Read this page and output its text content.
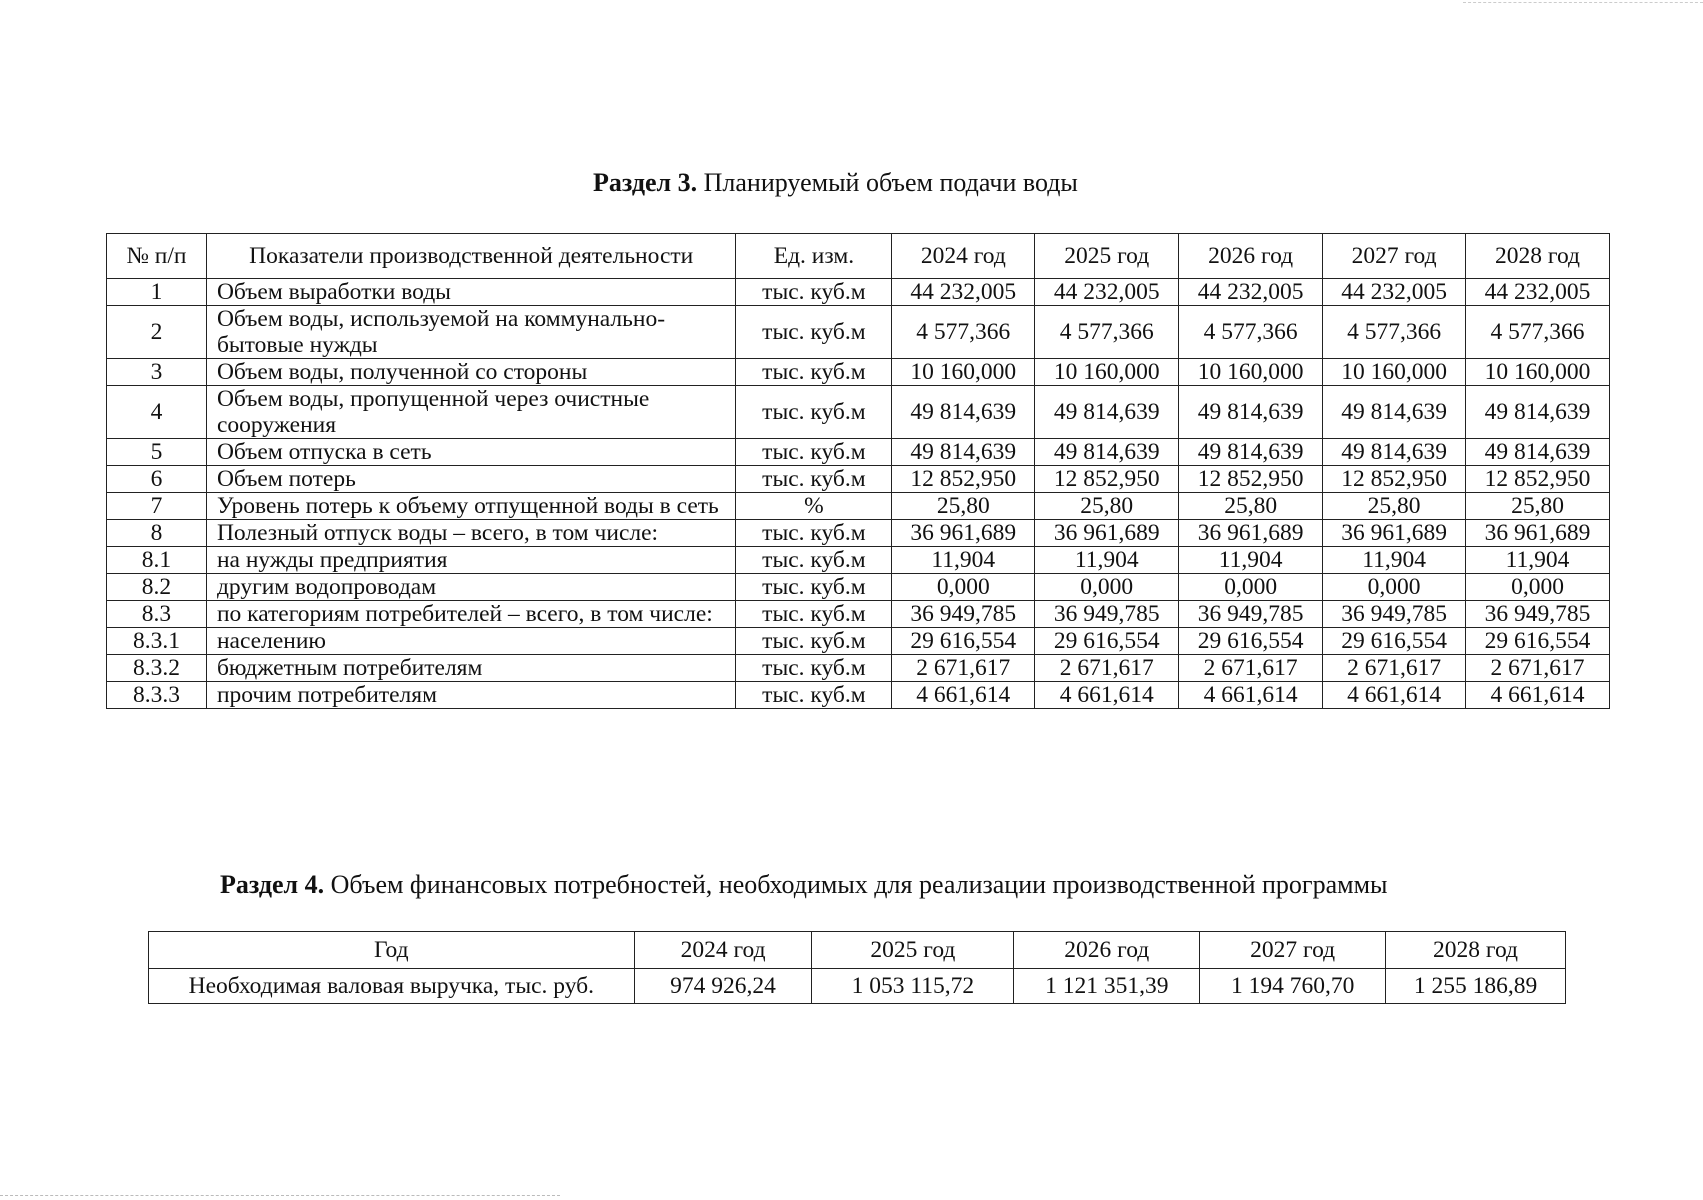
Раздел 3. Планируемый объем подачи воды
№ п/п	Показатели производственной деятельности	Ед. изм.	2024 год	2025 год	2026 год	2027 год	2028 год
1	Объем выработки воды	тыс. куб.м	44 232,005	44 232,005	44 232,005	44 232,005	44 232,005
2	Объем воды, используемой на коммунально-бытовые нужды	тыс. куб.м	4 577,366	4 577,366	4 577,366	4 577,366	4 577,366
3	Объем воды, полученной со стороны	тыс. куб.м	10 160,000	10 160,000	10 160,000	10 160,000	10 160,000
4	Объем воды, пропущенной через очистные сооружения	тыс. куб.м	49 814,639	49 814,639	49 814,639	49 814,639	49 814,639
5	Объем отпуска в сеть	тыс. куб.м	49 814,639	49 814,639	49 814,639	49 814,639	49 814,639
6	Объем потерь	тыс. куб.м	12 852,950	12 852,950	12 852,950	12 852,950	12 852,950
7	Уровень потерь к объему отпущенной воды в сеть	%	25,80	25,80	25,80	25,80	25,80
8	Полезный отпуск воды – всего, в том числе:	тыс. куб.м	36 961,689	36 961,689	36 961,689	36 961,689	36 961,689
8.1	на нужды предприятия	тыс. куб.м	11,904	11,904	11,904	11,904	11,904
8.2	другим водопроводам	тыс. куб.м	0,000	0,000	0,000	0,000	0,000
8.3	по категориям потребителей – всего, в том числе:	тыс. куб.м	36 949,785	36 949,785	36 949,785	36 949,785	36 949,785
8.3.1	населению	тыс. куб.м	29 616,554	29 616,554	29 616,554	29 616,554	29 616,554
8.3.2	бюджетным потребителям	тыс. куб.м	2 671,617	2 671,617	2 671,617	2 671,617	2 671,617
8.3.3	прочим потребителям	тыс. куб.м	4 661,614	4 661,614	4 661,614	4 661,614	4 661,614
Раздел 4. Объем финансовых потребностей, необходимых для реализации производственной программы
Год	2024 год	2025 год	2026 год	2027 год	2028 год
Необходимая валовая выручка, тыс. руб.	974 926,24	1 053 115,72	1 121 351,39	1 194 760,70	1 255 186,89
